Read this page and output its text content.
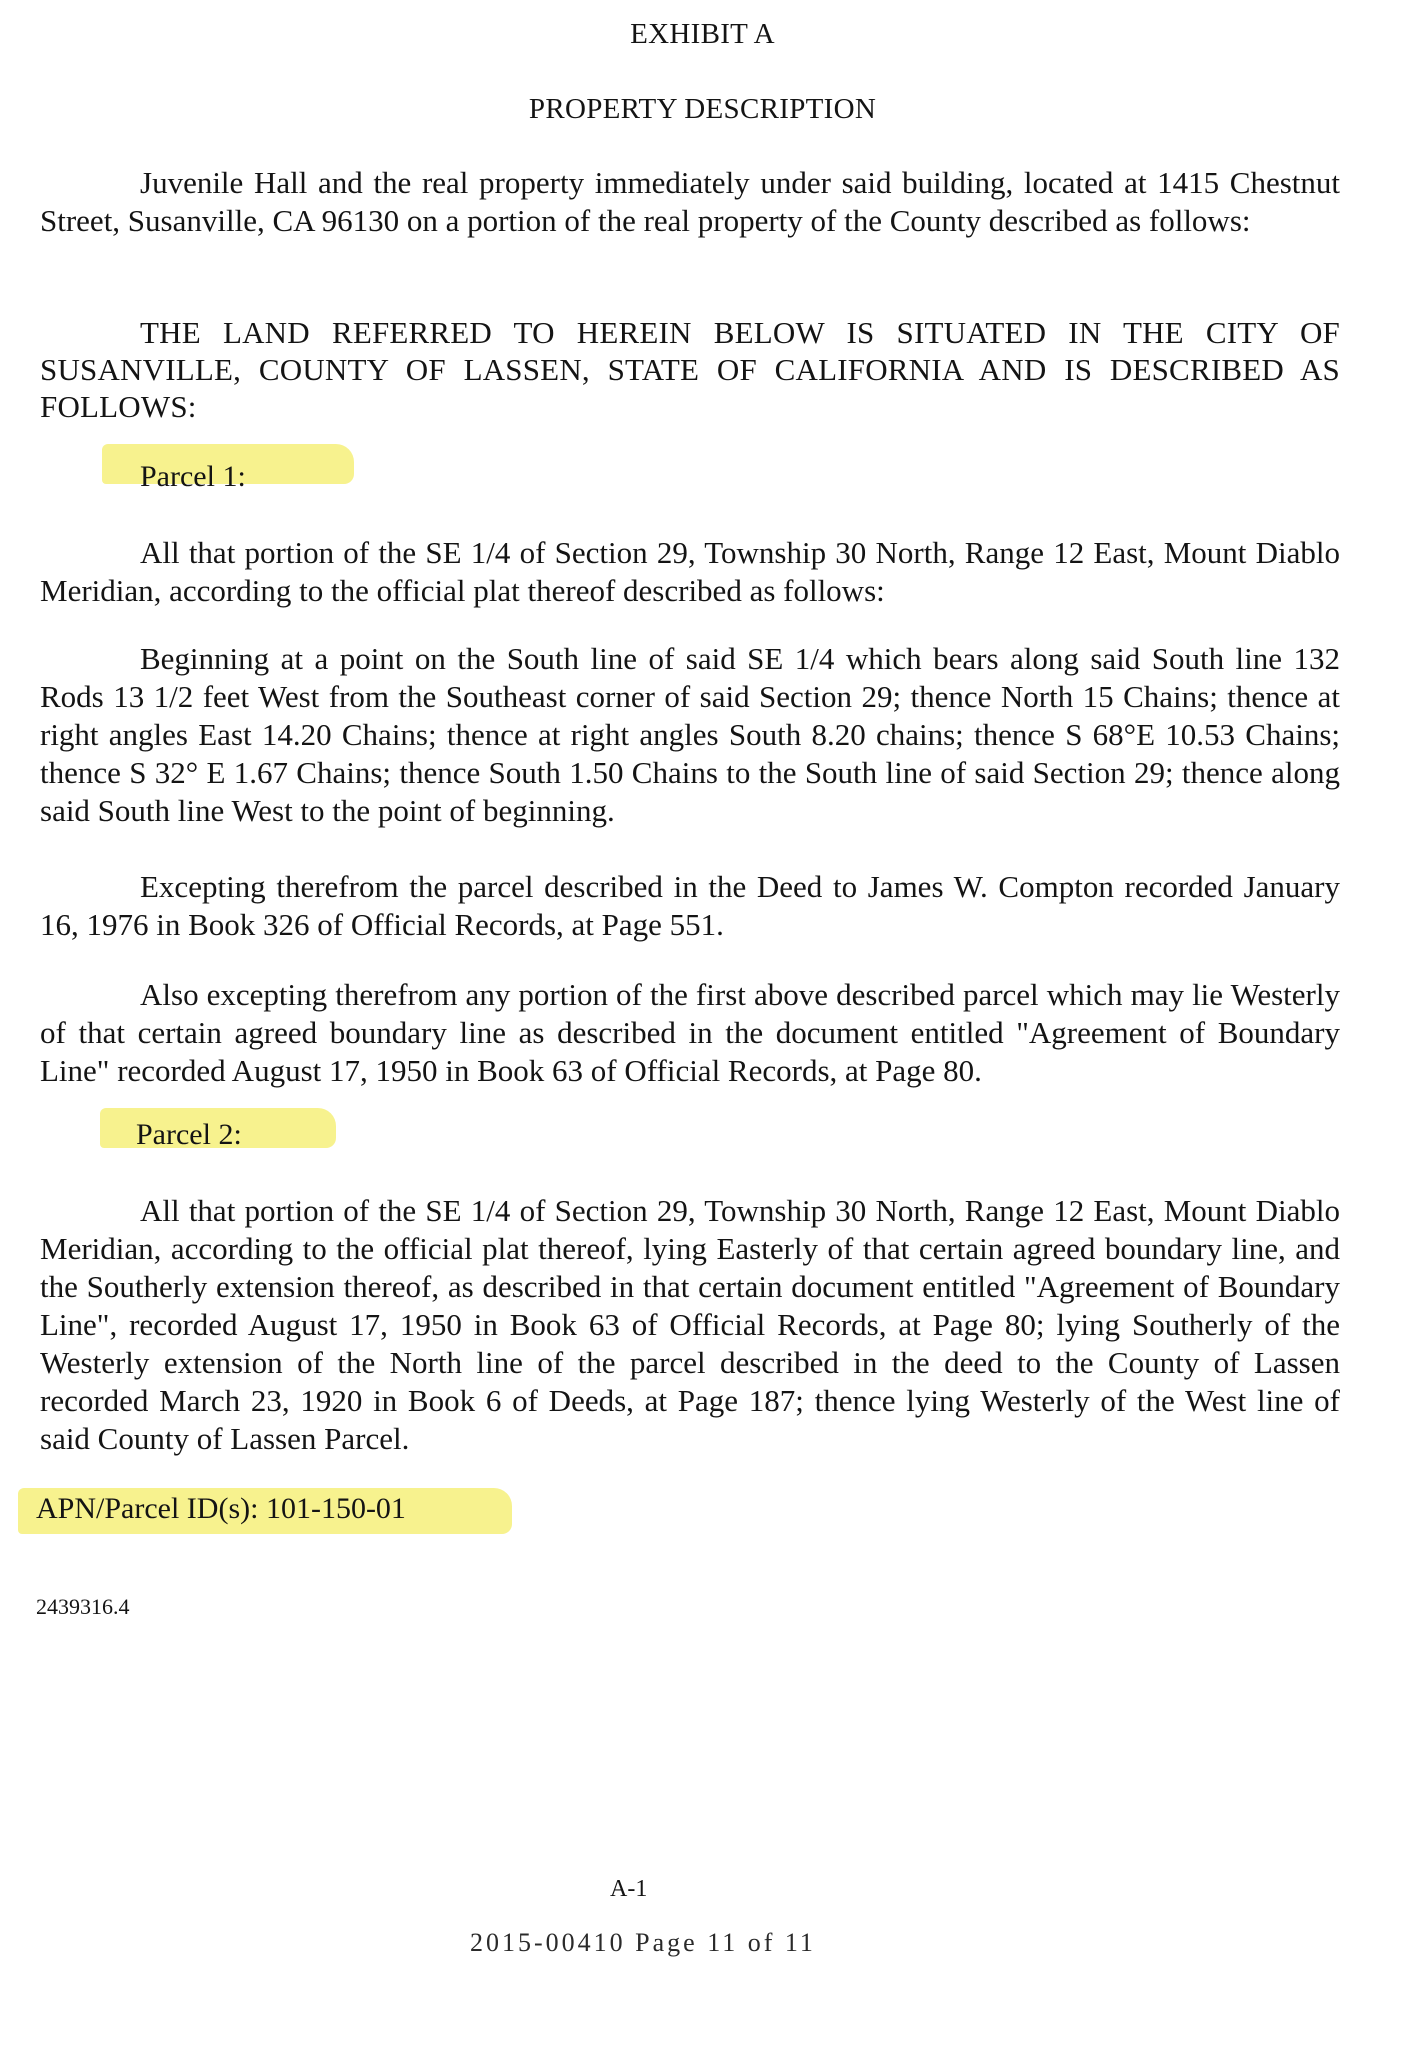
EXHIBIT A
PROPERTY DESCRIPTION

Juvenile Hall and the real property immediately under said building, located at 1415 Chestnut Street, Susanville, CA 96130 on a portion of the real property of the County described as follows:

THE LAND REFERRED TO HEREIN BELOW IS SITUATED IN THE CITY OF SUSANVILLE, COUNTY OF LASSEN, STATE OF CALIFORNIA AND IS DESCRIBED AS FOLLOWS:

Parcel 1:

All that portion of the SE 1/4 of Section 29, Township 30 North, Range 12 East, Mount Diablo Meridian, according to the official plat thereof described as follows:

Beginning at a point on the South line of said SE 1/4 which bears along said South line 132 Rods 13 1/2 feet West from the Southeast corner of said Section 29; thence North 15 Chains; thence at right angles East 14.20 Chains; thence at right angles South 8.20 chains; thence S 68°E 10.53 Chains; thence S 32° E 1.67 Chains; thence South 1.50 Chains to the South line of said Section 29; thence along said South line West to the point of beginning.

Excepting therefrom the parcel described in the Deed to James W. Compton recorded January 16, 1976 in Book 326 of Official Records, at Page 551.

Also excepting therefrom any portion of the first above described parcel which may lie Westerly of that certain agreed boundary line as described in the document entitled "Agreement of Boundary Line" recorded August 17, 1950 in Book 63 of Official Records, at Page 80.

Parcel 2:

All that portion of the SE 1/4 of Section 29, Township 30 North, Range 12 East, Mount Diablo Meridian, according to the official plat thereof, lying Easterly of that certain agreed boundary line, and the Southerly extension thereof, as described in that certain document entitled "Agreement of Boundary Line", recorded August 17, 1950 in Book 63 of Official Records, at Page 80; lying Southerly of the Westerly extension of the North line of the parcel described in the deed to the County of Lassen recorded March 23, 1920 in Book 6 of Deeds, at Page 187; thence lying Westerly of the West line of said County of Lassen Parcel.

APN/Parcel ID(s): 101-150-01

2439316.4

A-1

2015-00410 Page 11 of 11
